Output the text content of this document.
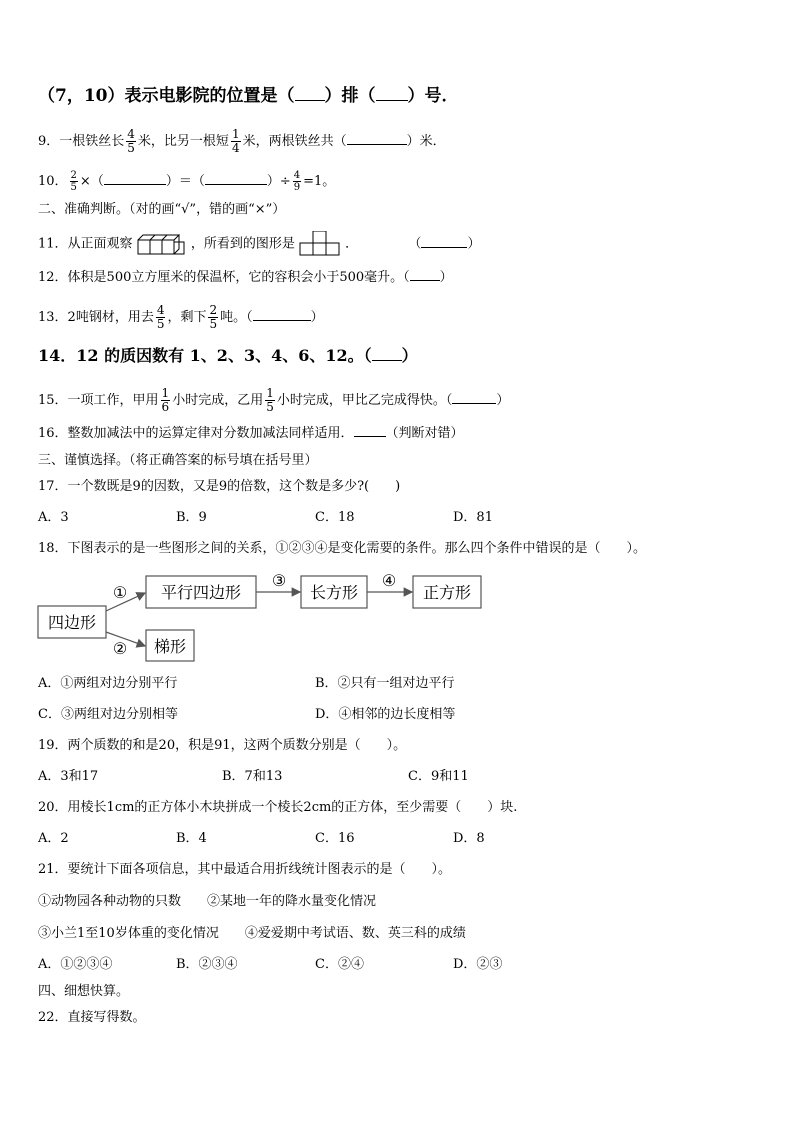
（7，10）表示电影院的位置是（ ）排（ ）号．
9．一根铁丝长 $\frac{4}{5}$ 米，比另一根短 $\frac{1}{4}$ 米，两根铁丝共（	）米．
10． $\frac{2}{5}$ ×（	）＝（	）÷ $\frac{4}{9} =1$。
二、准确判断。（对的画“√”，错的画“×”）
11．从正面观察	，所看到的图形是	．	（	）
12．体积是500立方厘米的保温杯，它的容积会小于500毫升。（ ）
13．2吨钢材，用去 $\frac{4}{5}$ ，剩下 $\frac{2}{5}$ 吨。（	）
14．12 的质因数有 1、2、3、4、6、12。（ ）
15．一项工作，甲用 $\frac{1}{6}$ 小时完成，乙用 $\frac{1}{5}$ 小时完成，甲比乙完成得快。（	）
16．整数加减法中的运算定律对分数加减法同样适用． （判断对错）
三、谨慎选择。（将正确答案的标号填在括号里）
17．一个数既是9的因数，又是9的倍数，这个数是多少?(　　)
A．3	B．9	C．18	D．81
18．下图表示的是一些图形之间的关系，①②③④是变化需要的条件。那么四个条件中错误的是（　　）。
四边形
平行四边形	长方形	正方形
梯形
①
②
③	④
A．①两组对边分别平行	B．②只有一组对边平行
C．③两组对边分别相等	D．④相邻的边长度相等
19．两个质数的和是20，积是91，这两个质数分别是（　　）。
A．3和17	B．7和13	C．9和11
20．用棱长1cm的正方体小木块拼成一个棱长2cm的正方体，至少需要（　　）块.
A．2	B．4	C．16	D．8
21．要统计下面各项信息，其中最适合用折线统计图表示的是（　　）。
①动物园各种动物的只数　　②某地一年的降水量变化情况
③小兰1至10岁体重的变化情况　　④爱爱期中考试语、数、英三科的成绩
A．①②③④	B．②③④	C．②④	D．②③
四、细想快算。
22．直接写得数。
